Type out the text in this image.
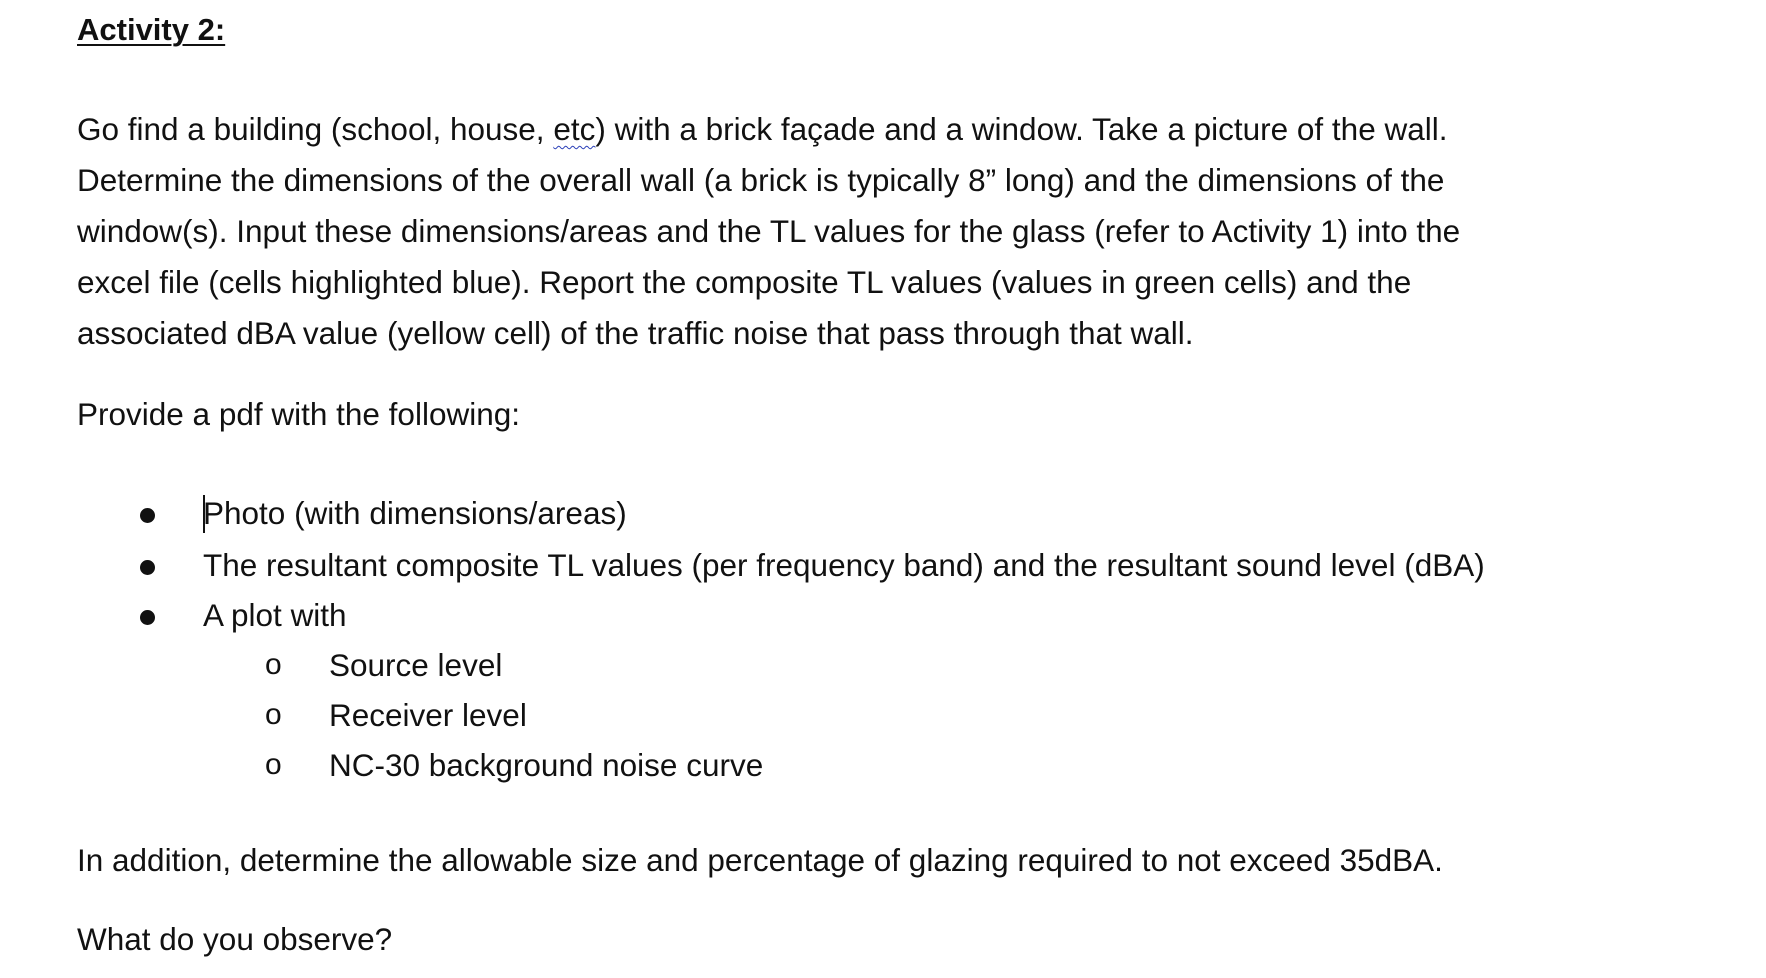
Activity 2:
Go find a building (school, house, etc) with a brick façade and a window. Take a picture of the wall.
Determine the dimensions of the overall wall (a brick is typically 8” long) and the dimensions of the
window(s). Input these dimensions/areas and the TL values for the glass (refer to Activity 1) into the
excel file (cells highlighted blue). Report the composite TL values (values in green cells) and the
associated dBA value (yellow cell) of the traffic noise that pass through that wall.
Provide a pdf with the following:
Photo (with dimensions/areas)
The resultant composite TL values (per frequency band) and the resultant sound level (dBA)
A plot with
o Source level
o Receiver level
o NC-30 background noise curve
In addition, determine the allowable size and percentage of glazing required to not exceed 35dBA.
What do you observe?
